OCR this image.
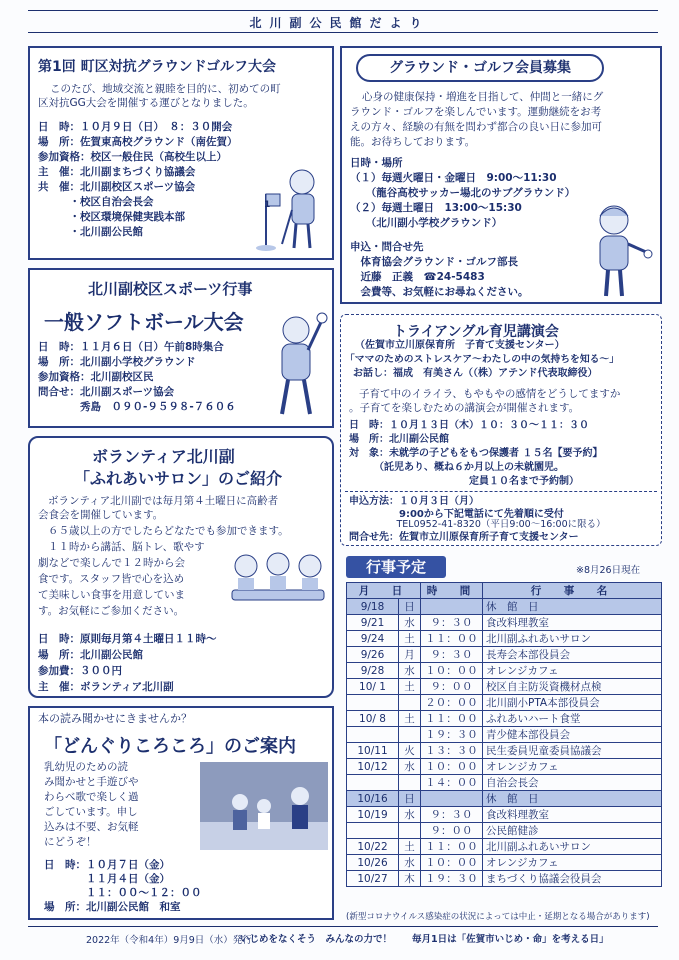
北川副公民館だより
第1回 町区対抗グラウンドゴルフ大会
このたび、地域交流と親睦を目的に、初めての町
区対抗GG大会を開催する運びとなりました。
日　時：１０月９日（日）　８：３０開会
場　所：佐賀東高校グラウンド（南佐賀）
参加資格：校区一般住民（高校生以上）
主　催：北川副まちづくり協議会
共　催：北川副校区スポーツ協会
　　　・校区自治会長会
　　　・校区環境保健実践本部
　　　・北川副公民館
1
北川副校区スポーツ行事
一般ソフトボール大会
日　時：１１月６日（日）午前8時集合
場　所：北川副小学校グラウンド
参加資格：北川副校区民
問合せ：北川副スポーツ協会
　　　　秀島　０９０-９５９８-７６０６
ボランティア北川副
「ふれあいサロン」のご紹介
ボランティア北川副では毎月第４土曜日に高齢者
会食会を開催しています。
６５歳以上の方でしたらどなたでも参加できます。
１１時から講話、脳トレ、歌やす
劇などで楽しんで１２時から会
食です。スタッフ皆で心を込め
て美味しい食事を用意していま
す。お気軽にご参加ください。
日　時：原則毎月第４土曜日１１時～
場　所：北川副公民館
参加費：３００円
主　催：ボランティア北川副
本の読み聞かせにきませんか？
「どんぐりころころ」のご案内
乳幼児のための読
み聞かせと手遊びや
わらべ歌で楽しく過
ごしています。申し
込みは不要、お気軽
にどうぞ！
日　時：１０月７日（金）
　　　　１１月４日（金）
　　　　１１：００～１２：００
場　所：北川副公民館　和室
グラウンド・ゴルフ会員募集
心身の健康保持・増進を目指して、仲間と一緒にグ
ラウンド・ゴルフを楽しんでいます。運動継続をお考
えの方々、経験の有無を問わず都合の良い日に参加可
能。お待ちしております。
日時・場所
（１）毎週火曜日・金曜日　9:00～11:30
　　（龍谷高校サッカー場北のサブグラウンド）
（２）毎週土曜日　13:00～15:30
　　（北川副小学校グラウンド）
申込・問合せ先
　体育協会グラウンド・ゴルフ部長
　近藤　正義　☎24-5483
　会費等、お気軽にお尋ねください。
トライアングル育児講演会
（佐賀市立川原保育所　子育て支援センター）
「ママのためのストレスケア～わたしの中の気持ちを知る～」
お話し：福成　有美さん（（株）アテンド代表取締役）
子育て中のイライラ、もやもやの感情をどうしてますか
。子育てを楽しむための講演会が開催されます。
日　時：１０月１３日（木）１０：３０～１１：３０
場　所：北川副公民館
対　象：未就学の子どもをもつ保護者 １５名【要予約】
　　　（託児あり、概ね６か月以上の未就園児。
　　　　　　　　　　　　定員１０名まで予約制）
申込方法：１０月３日（月）
　　　　　9:00から下記電話にて先着順に受付
　　　　　TEL0952-41-8320（平日9:00～16:00に限る）
問合せ先：佐賀市立川原保育所子育て支援センター
行事予定	※8月26日現在
月　日		時　間	行　事　名
9/18	日		休　館　日
9/21	水	９：３０	食改料理教室
9/24	土	１１：００	北川副ふれあいサロン
9/26	月	９：３０	長寿会本部役員会
9/28	水	１０：００	オレンジカフェ
10/ 1	土	９：００	校区自主防災資機材点検
		２０：００	北川副小PTA本部役員会
10/ 8	土	１１：００	ふれあいハート食堂
		１９：３０	青少健本部役員会
10/11	火	１３：３０	民生委員児童委員協議会
10/12	水	１０：００	オレンジカフェ
		１４：００	自治会長会
10/16	日		休　館　日
10/19	水	９：３０	食改料理教室
		９：００	公民館健診
10/22	土	１１：００	北川副ふれあいサロン
10/26	水	１０：００	オレンジカフェ
10/27	木	１９：３０	まちづくり協議会役員会
(新型コロナウイルス感染症の状況によっては中止・延期となる場合があります)
2022年（令和4年）9月9日（水）発行
いじめをなくそう　みんなの力で！ 毎月1日は「佐賀市いじめ・命」を考える日」
